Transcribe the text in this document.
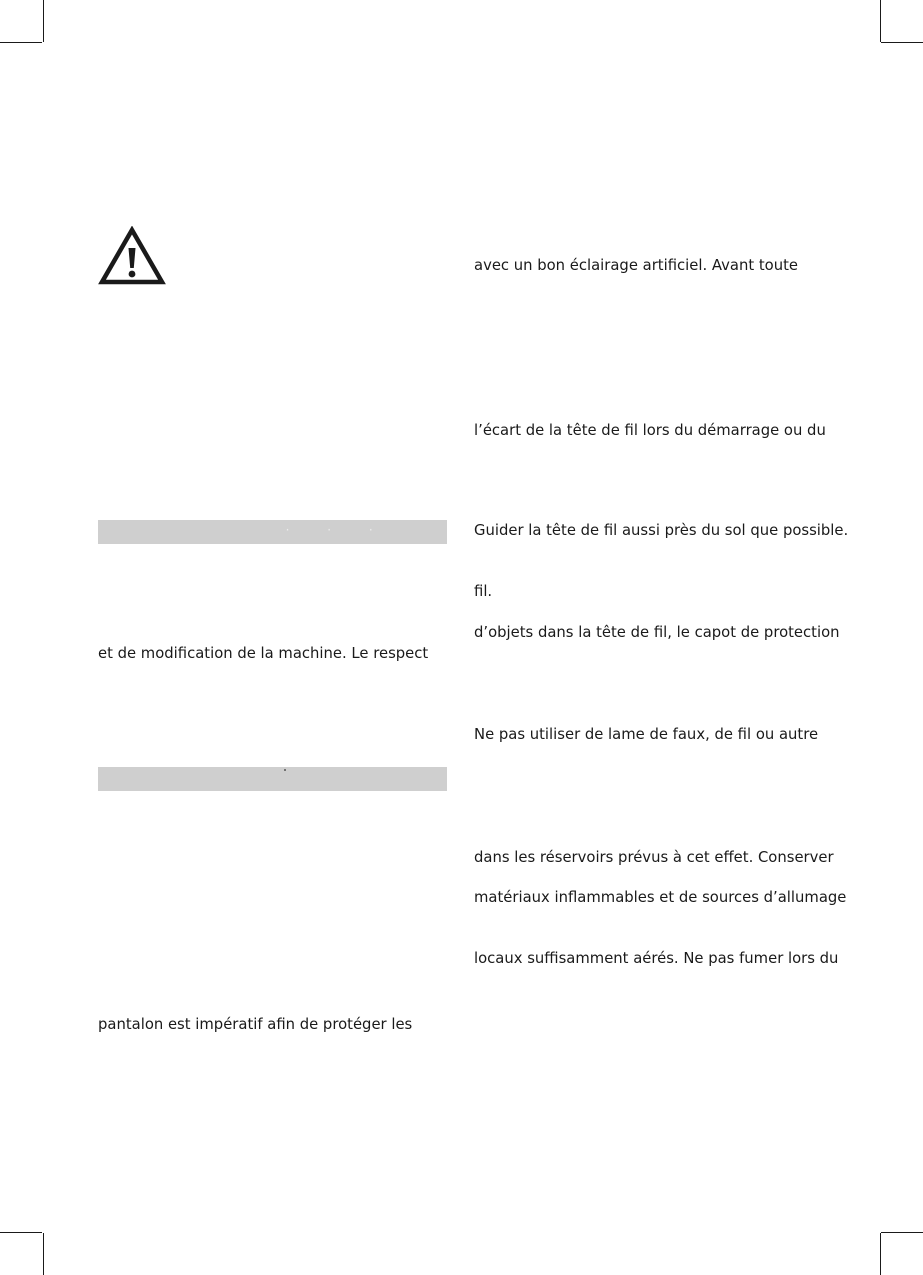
· · ·
et de modification de la machine. Le respect
pantalon est impératif afin de protéger les
avec un bon éclairage artificiel. Avant toute
l’écart de la tête de fil lors du démarrage ou du
Guider la tête de fil aussi près du sol que possible.
fil.
d’objets dans la tête de fil, le capot de protection
Ne pas utiliser de lame de faux, de fil ou autre
dans les réservoirs prévus à cet effet. Conserver
matériaux inflammables et de sources d’allumage
locaux suffisamment aérés. Ne pas fumer lors du
